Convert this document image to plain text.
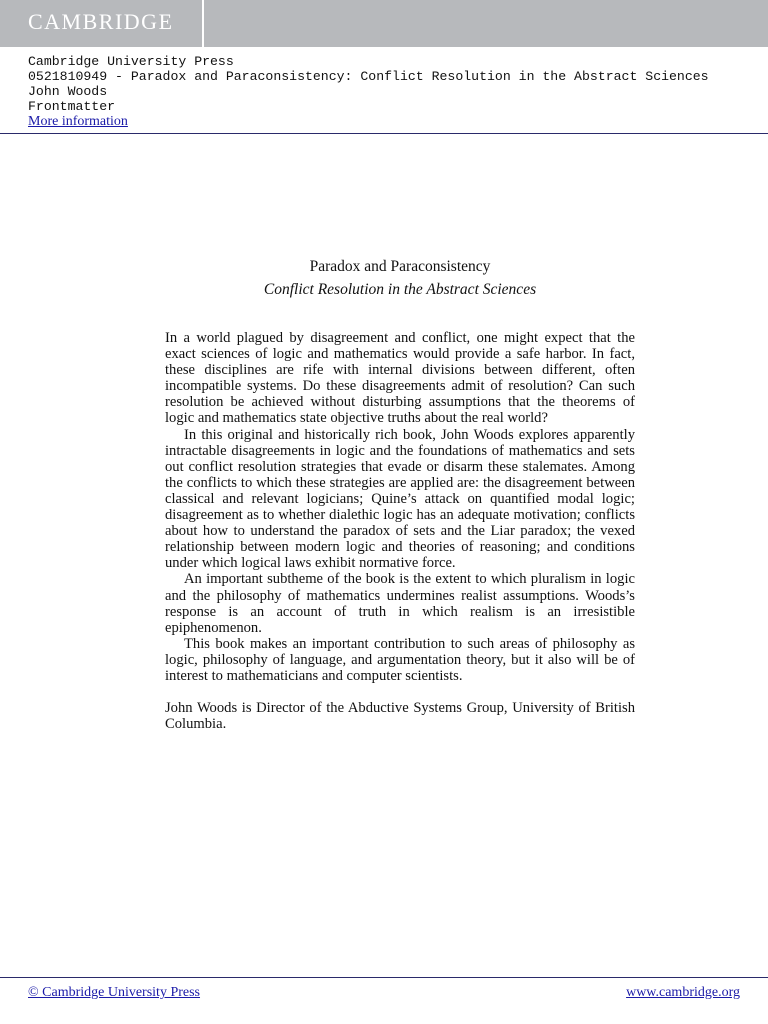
CAMBRIDGE
Cambridge University Press
0521810949 - Paradox and Paraconsistency: Conflict Resolution in the Abstract Sciences
John Woods
Frontmatter
More information
Paradox and Paraconsistency
Conflict Resolution in the Abstract Sciences

In a world plagued by disagreement and conflict, one might expect that the exact sciences of logic and mathematics would provide a safe harbor. In fact, these disciplines are rife with internal divisions between different, often incompatible systems. Do these disagreements admit of resolution? Can such resolution be achieved without disturbing assumptions that the theorems of logic and mathematics state objective truths about the real world?

In this original and historically rich book, John Woods explores apparently intractable disagreements in logic and the foundations of mathematics and sets out conflict resolution strategies that evade or disarm these stalemates. Among the conflicts to which these strategies are applied are: the disagreement between classical and relevant logicians; Quine’s attack on quantified modal logic; disagreement as to whether dialethic logic has an adequate motivation; conflicts about how to understand the paradox of sets and the Liar paradox; the vexed relationship between modern logic and theories of reasoning; and conditions under which logical laws exhibit normative force.

An important subtheme of the book is the extent to which pluralism in logic and the philosophy of mathematics undermines realist assumptions. Woods’s response is an account of truth in which realism is an irresistible epiphenomenon.

This book makes an important contribution to such areas of philosophy as logic, philosophy of language, and argumentation theory, but it also will be of interest to mathematicians and computer scientists.

John Woods is Director of the Abductive Systems Group, University of British Columbia.

© Cambridge University Press	www.cambridge.org
